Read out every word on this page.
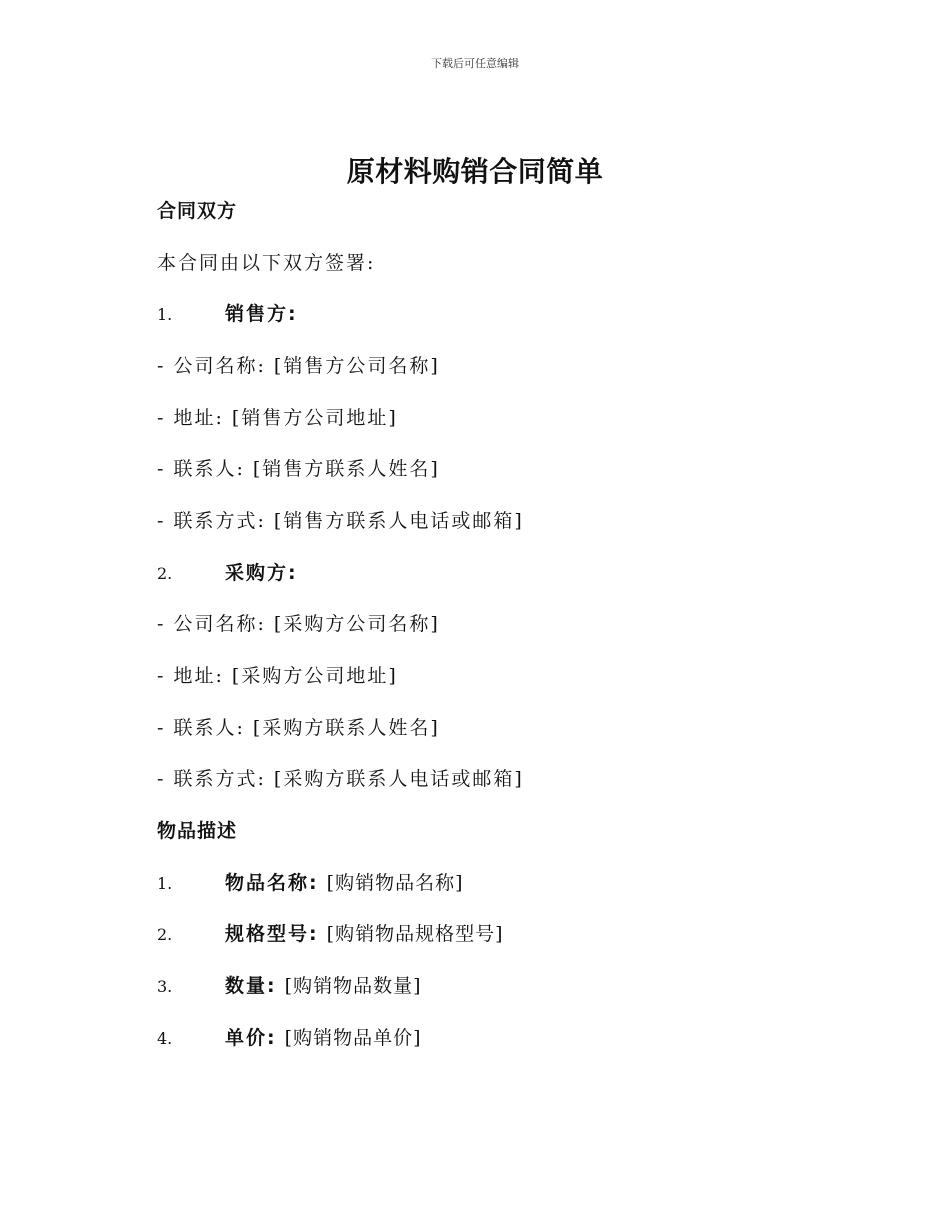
下载后可任意编辑
原材料购销合同简单
合同双方
本合同由以下双方签署:
1.	销售方:
- 公司名称: [销售方公司名称]
- 地址: [销售方公司地址]
- 联系人: [销售方联系人姓名]
- 联系方式: [销售方联系人电话或邮箱]
2.	采购方:
- 公司名称: [采购方公司名称]
- 地址: [采购方公司地址]
- 联系人: [采购方联系人姓名]
- 联系方式: [采购方联系人电话或邮箱]
物品描述
1.	物品名称: [购销物品名称]
2.	规格型号: [购销物品规格型号]
3.	数量: [购销物品数量]
4.	单价: [购销物品单价]
